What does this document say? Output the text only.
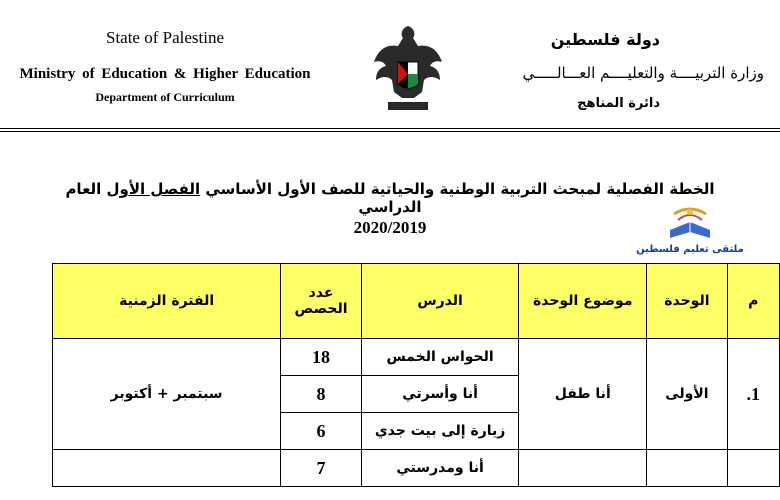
State of Palestine
Ministry of Education & Higher Education
Department of Curriculum
دولة فلسطين
وزارة التربيــــة والتعليــــم العـــالـــــي
دائرة المناهج
الخطة الفصلية لمبحث التربية الوطنية والحياتية للصف الأول الأساسي الفصل الأول العام الدراسي
2020/2019
ملتقى تعليم فلسطين
م	الوحدة	موضوع الوحدة	الدرس	عدد الحصص	الفترة الزمنية
1.	الأولى	أنا طفل	الحواس الخمس	18	سبتمبر + أكتوبر
			أنا وأسرتي	8	
			زيارة إلى بيت جدي	6	
			أنا ومدرستي	7	
